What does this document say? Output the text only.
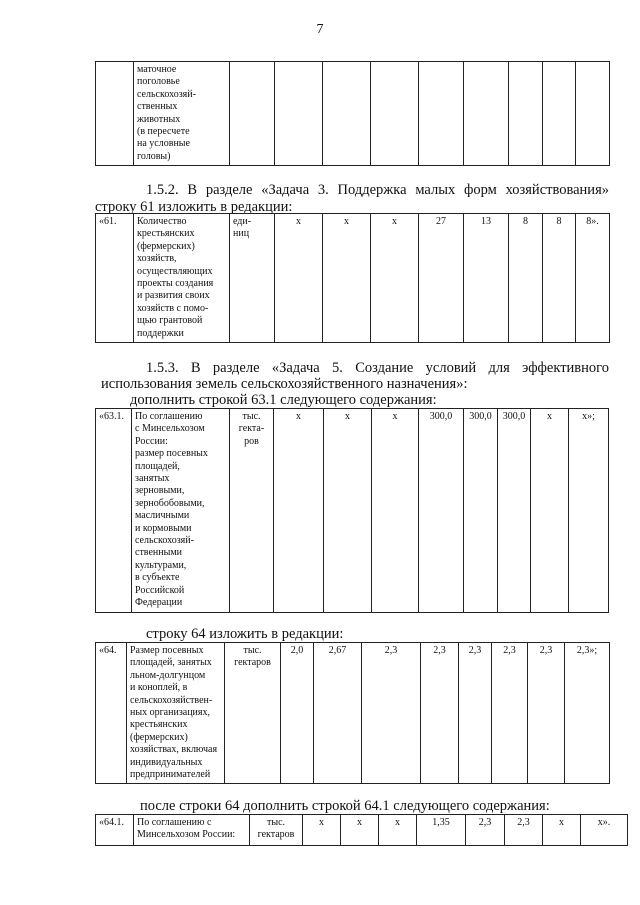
7
	маточное
поголовье
сельскохозяй-
ственных
животных
(в пересчете
на условные
головы)									
1.5.2. В разделе «Задача 3. Поддержка малых форм хозяйствования»
строку 61 изложить в редакции:
«61.	Количество
крестьянских
(фермерских)
хозяйств,
осуществляющих
проекты создания
и развития своих
хозяйств с помо-
щью грантовой
поддержки	еди-
ниц	х	х	х	27	13	8	8	8».
1.5.3. В разделе «Задача 5. Создание условий для эффективного
использования земель сельскохозяйственного назначения»:
дополнить строкой 63.1 следующего содержания:
«63.1.	По соглашению
с Минсельхозом
России:
размер посевных
площадей,
занятых
зерновыми,
зернобобовыми,
масличными
и кормовыми
сельскохозяй-
ственными
культурами,
в субъекте
Российской
Федерации	тыс.
гекта-
ров	х	х	х	300,0	300,0	300,0	х	х»;
строку 64 изложить в редакции:
«64.	Размер посевных
площадей, занятых
льном-долгунцом
и коноплей, в
сельскохозяйствен-
ных организациях,
крестьянских
(фермерских)
хозяйствах, включая
индивидуальных
предпринимателей	тыс.
гектаров	2,0	2,67	2,3	2,3	2,3	2,3	2,3	2,3»;
после строки 64 дополнить строкой 64.1 следующего содержания:
«64.1.	По соглашению с
Минсельхозом России:	тыс.
гектаров	х	х	х	1,35	2,3	2,3	х	х».
